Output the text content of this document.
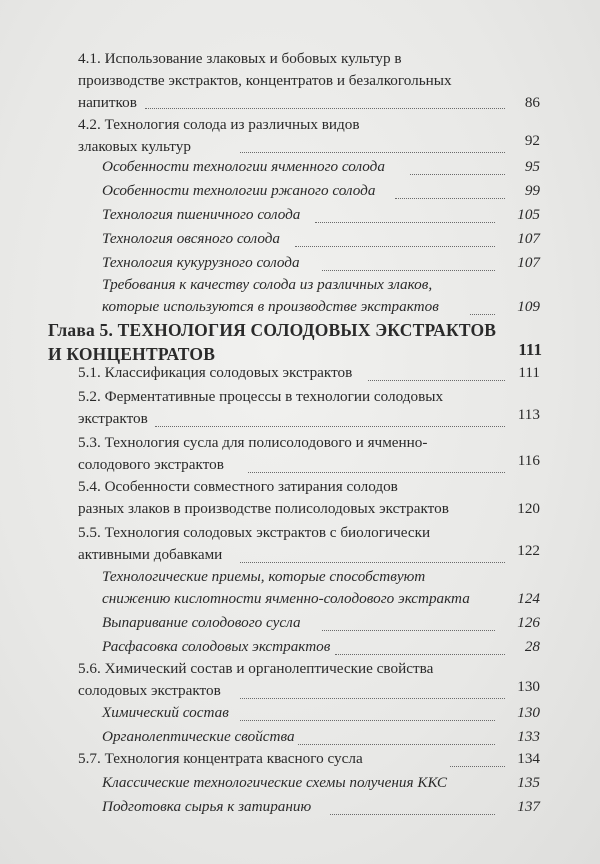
4.1. Использование злаковых и бобовых культур в
производстве экстрактов, концентратов и безалкогольных
напитков	86
4.2. Технология солода из различных видов
злаковых культур	92
Особенности технологии ячменного солода	95
Особенности технологии ржаного солода	99
Технология пшеничного солода	105
Технология овсяного солода	107
Технология кукурузного солода	107
Требования к качеству солода из различных злаков,
которые используются в производстве экстрактов	109
Глава 5. ТЕХНОЛОГИЯ СОЛОДОВЫХ ЭКСТРАКТОВ
И КОНЦЕНТРАТОВ	111
5.1. Классификация солодовых экстрактов	111
5.2. Ферментативные процессы в технологии солодовых
экстрактов	113
5.3. Технология сусла для полисолодового и ячменно-
солодового экстрактов	116
5.4. Особенности совместного затирания солодов
разных злаков в производстве полисолодовых экстрактов	120
5.5. Технология солодовых экстрактов с биологически
активными добавками	122
Технологические приемы, которые способствуют
снижению кислотности ячменно-солодового экстракта	124
Выпаривание солодового сусла	126
Расфасовка солодовых экстрактов	28
5.6. Химический состав и органолептические свойства
солодовых экстрактов	130
Химический состав	130
Органолептические свойства	133
5.7. Технология концентрата квасного сусла	134
Классические технологические схемы получения ККС	135
Подготовка сырья к затиранию	137
